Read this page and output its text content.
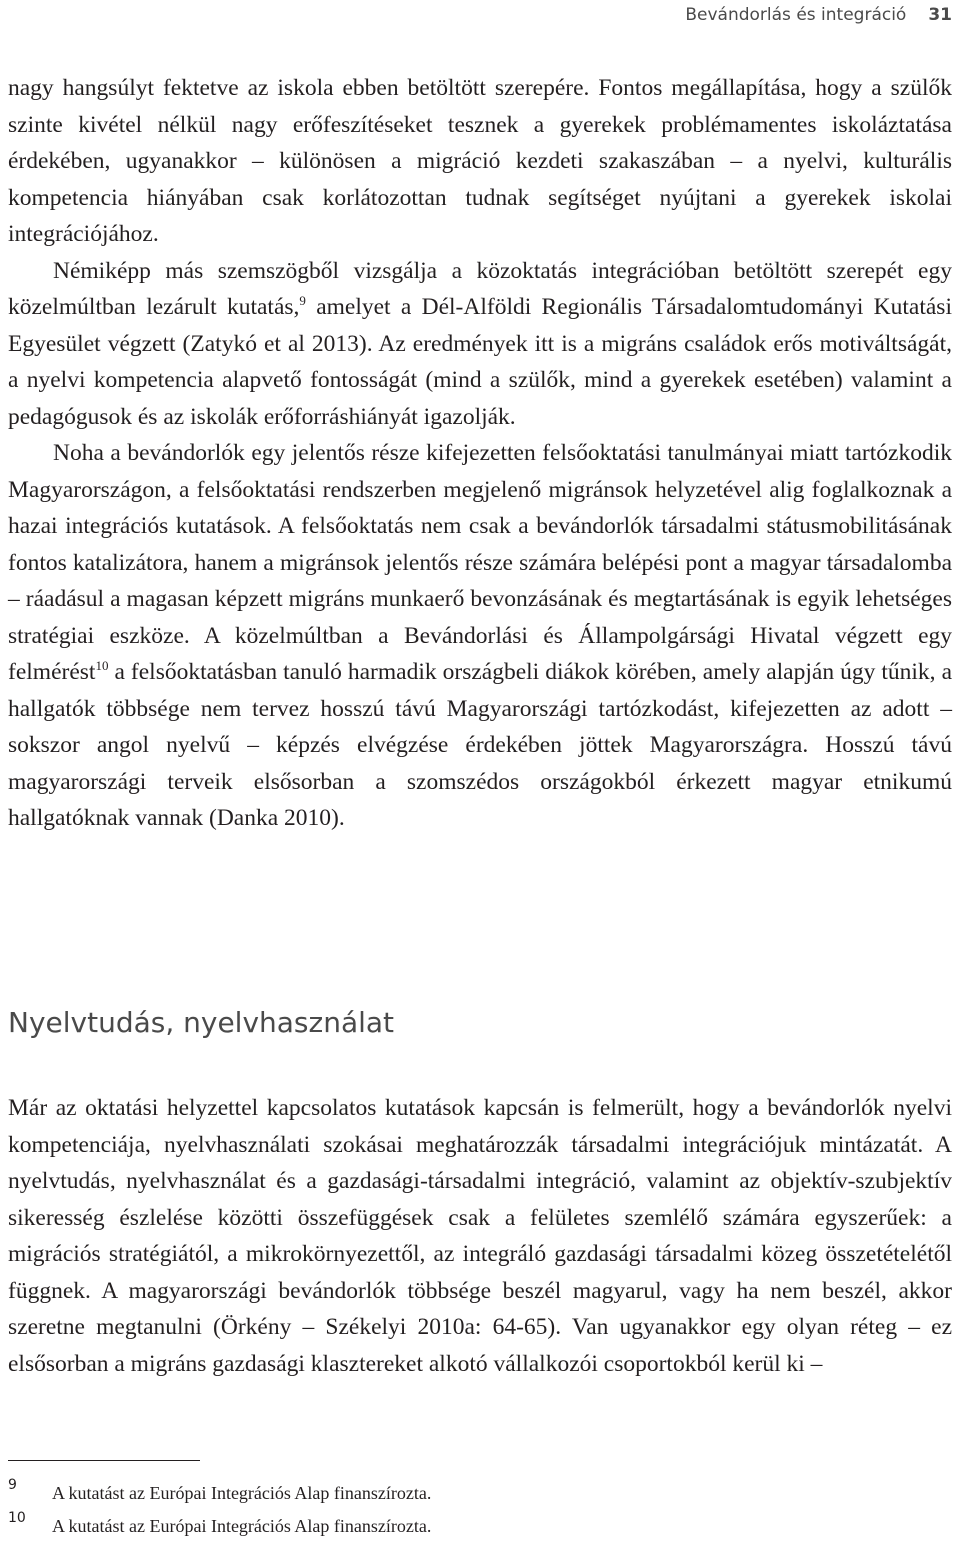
Bevándorlás és integráció 31

nagy hangsúlyt fektetve az iskola ebben betöltött szerepére. Fontos megállapítása, hogy a szülők szinte kivétel nélkül nagy erőfeszítéseket tesznek a gyerekek problémamentes iskoláztatása érdekében, ugyanakkor – különösen a migráció kezdeti szakaszában – a nyelvi, kulturális kompetencia hiányában csak korlátozottan tudnak segítséget nyújtani a gyerekek iskolai integrációjához.

Némiképp más szemszögből vizsgálja a közoktatás integrációban betöltött szerepét egy közelmúltban lezárult kutatás,$^9$ amelyet a Dél-Alföldi Regionális Társadalomtudományi Kutatási Egyesület végzett (Zatykó et al 2013). Az eredmények itt is a migráns családok erős motiváltságát, a nyelvi kompetencia alapvető fontosságát (mind a szülők, mind a gyerekek esetében) valamint a pedagógusok és az iskolák erőforráshiányát igazolják.

Noha a bevándorlók egy jelentős része kifejezetten felsőoktatási tanulmányai miatt tartózkodik Magyarországon, a felsőoktatási rendszerben megjelenő migránsok helyzetével alig foglalkoznak a hazai integrációs kutatások. A felsőoktatás nem csak a bevándorlók társadalmi státusmobilitásának fontos katalizátora, hanem a migránsok jelentős része számára belépési pont a magyar társadalomba – ráadásul a magasan képzett migráns munkaerő bevonzásának és megtartásának is egyik lehetséges stratégiai eszköze. A közelmúltban a Bevándorlási és Állampolgársági Hivatal végzett egy felmérést$^{10}$ a felsőoktatásban tanuló harmadik országbeli diákok körében, amely alapján úgy tűnik, a hallgatók többsége nem tervez hosszú távú Magyarországi tartózkodást, kifejezetten az adott – sokszor angol nyelvű – képzés elvégzése érdekében jöttek Magyarországra. Hosszú távú magyarországi terveik elsősorban a szomszédos országokból érkezett magyar etnikumú hallgatóknak vannak (Danka 2010).

Nyelvtudás, nyelvhasználat

Már az oktatási helyzettel kapcsolatos kutatások kapcsán is felmerült, hogy a bevándorlók nyelvi kompetenciája, nyelvhasználati szokásai meghatározzák társadalmi integrációjuk mintázatát. A nyelvtudás, nyelvhasználat és a gazdasági-társadalmi integráció, valamint az objektív-szubjektív sikeresség észlelése közötti összefüggések csak a felületes szemlélő számára egyszerűek: a migrációs stratégiától, a mikrokörnyezettől, az integráló gazdasági társadalmi közeg összetételétől függnek. A magyarországi bevándorlók többsége beszél magyarul, vagy ha nem beszél, akkor szeretne megtanulni (Örkény – Székelyi 2010a: 64-65). Van ugyanakkor egy olyan réteg – ez elsősorban a migráns gazdasági klasztereket alkotó vállalkozói csoportokból kerül ki –

9 A kutatást az Európai Integrációs Alap finanszírozta.
10 A kutatást az Európai Integrációs Alap finanszírozta.
